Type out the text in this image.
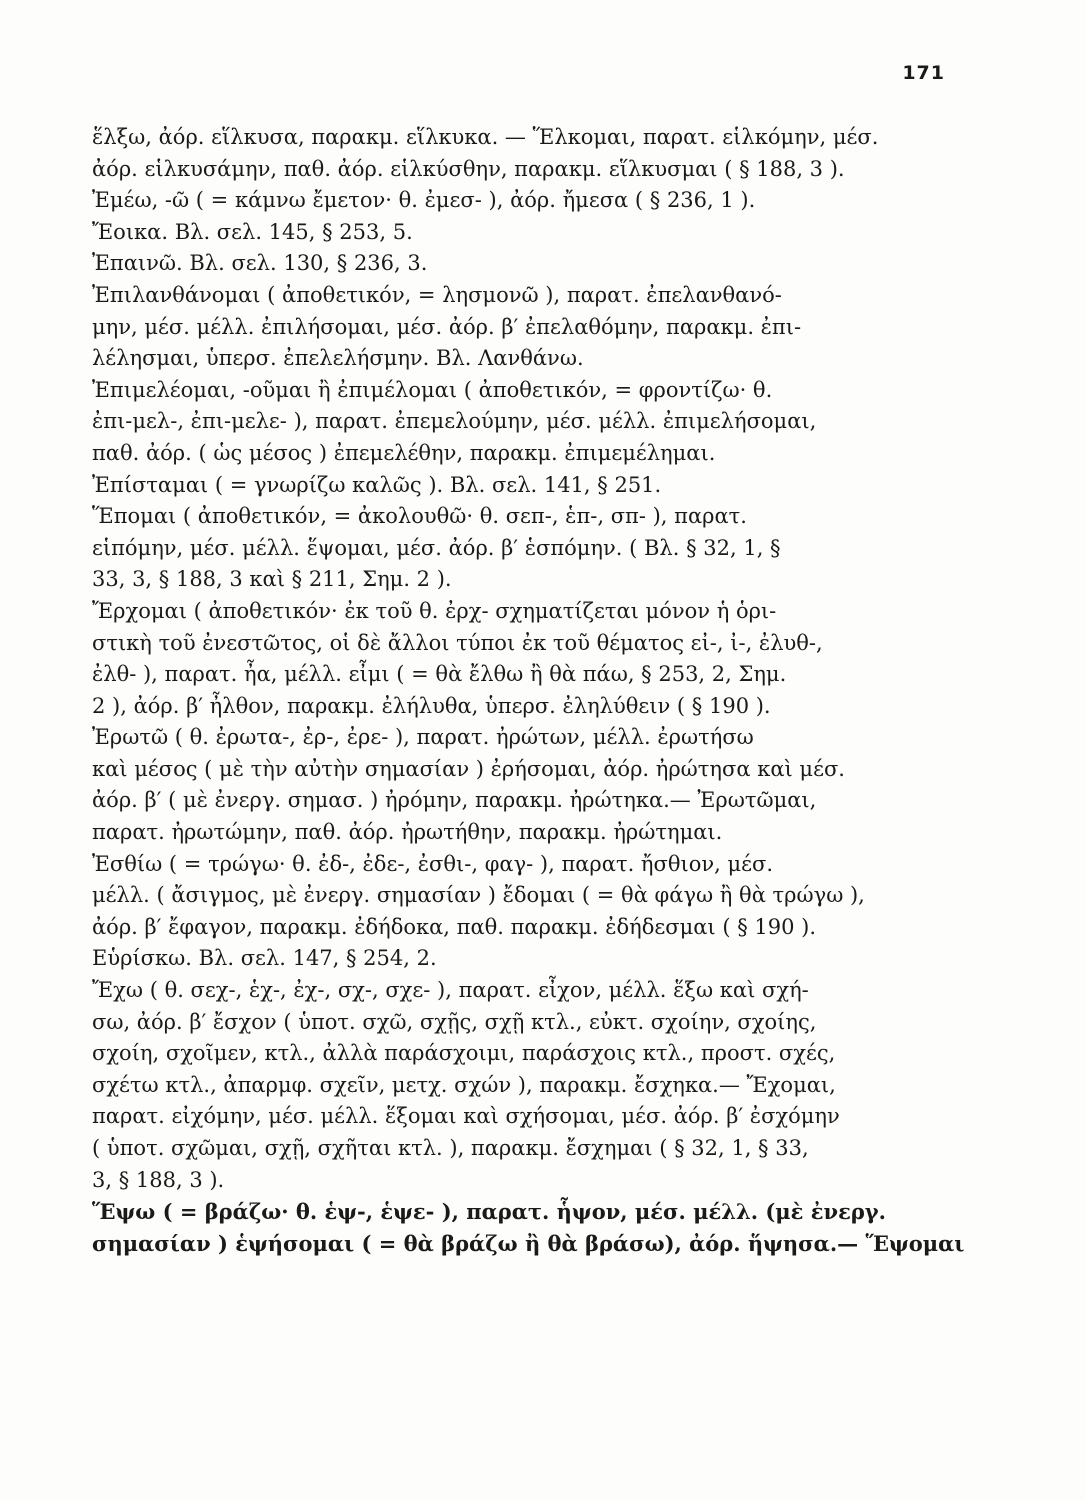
171
ἕλξω, ἀόρ. εἵλκυσα, παρακμ. εἵλκυκα. — Ἕλκομαι, παρατ. εἱλκόμην, μέσ.
ἀόρ. εἱλκυσάμην, παθ. ἀόρ. εἱλκύσθην, παρακμ. εἵλκυσμαι ( § 188, 3 ).
Ἐμέω, -ῶ ( = κάμνω ἔμετον· θ. ἐμεσ- ), ἀόρ. ἤμεσα ( § 236, 1 ).
Ἔοικα. Βλ. σελ. 145, § 253, 5.
Ἐπαινῶ. Βλ. σελ. 130, § 236, 3.
Ἐπιλανθάνομαι ( ἀποθετικόν, = λησμονῶ ), παρατ. ἐπελανθανό-
μην, μέσ. μέλλ. ἐπιλήσομαι, μέσ. ἀόρ. β′ ἐπελαθόμην, παρακμ. ἐπι-
λέλησμαι, ὑπερσ. ἐπελελήσμην. Βλ. Λανθάνω.
Ἐπιμελέομαι, -οῦμαι ἢ ἐπιμέλομαι ( ἀποθετικόν, = φροντίζω· θ.
ἐπι-μελ-, ἐπι-μελε- ), παρατ. ἐπεμελούμην, μέσ. μέλλ. ἐπιμελήσομαι,
παθ. ἀόρ. ( ὡς μέσος ) ἐπεμελέθην, παρακμ. ἐπιμεμέλημαι.
Ἐπίσταμαι ( = γνωρίζω καλῶς ). Βλ. σελ. 141, § 251.
Ἕπομαι ( ἀποθετικόν, = ἀκολουθῶ· θ. σεπ-, ἑπ-, σπ- ), παρατ.
εἱπόμην, μέσ. μέλλ. ἕψομαι, μέσ. ἀόρ. β′ ἑσπόμην. ( Βλ. § 32, 1, §
33, 3, § 188, 3 καὶ § 211, Σημ. 2 ).
Ἔρχομαι ( ἀποθετικόν· ἐκ τοῦ θ. ἐρχ- σχηματίζεται μόνον ἡ ὁρι-
στικὴ τοῦ ἐνεστῶτος, οἱ δὲ ἄλλοι τύποι ἐκ τοῦ θέματος εἰ-, ἰ-, ἐλυθ-,
ἐλθ- ), παρατ. ἦα, μέλλ. εἶμι ( = θὰ ἔλθω ἢ θὰ πάω, § 253, 2, Σημ.
2 ), ἀόρ. β′ ἦλθον, παρακμ. ἐλήλυθα, ὑπερσ. ἐληλύθειν ( § 190 ).
Ἐρωτῶ ( θ. ἐρωτα-, ἐρ-, ἐρε- ), παρατ. ἠρώτων, μέλλ. ἐρωτήσω
καὶ μέσος ( μὲ τὴν αὐτὴν σημασίαν ) ἐρήσομαι, ἀόρ. ἠρώτησα καὶ μέσ.
ἀόρ. β′ ( μὲ ἐνεργ. σημασ. ) ἠρόμην, παρακμ. ἠρώτηκα.— Ἐρωτῶμαι,
παρατ. ἠρωτώμην, παθ. ἀόρ. ἠρωτήθην, παρακμ. ἠρώτημαι.
Ἐσθίω ( = τρώγω· θ. ἐδ-, ἐδε-, ἐσθι-, φαγ- ), παρατ. ἤσθιον, μέσ.
μέλλ. ( ἄσιγμος, μὲ ἐνεργ. σημασίαν ) ἔδομαι ( = θὰ φάγω ἢ θὰ τρώγω ),
ἀόρ. β′ ἔφαγον, παρακμ. ἐδήδοκα, παθ. παρακμ. ἐδήδεσμαι ( § 190 ).
Εὑρίσκω. Βλ. σελ. 147, § 254, 2.
Ἔχω ( θ. σεχ-, ἑχ-, ἐχ-, σχ-, σχε- ), παρατ. εἶχον, μέλλ. ἕξω καὶ σχή-
σω, ἀόρ. β′ ἔσχον ( ὑποτ. σχῶ, σχῇς, σχῇ κτλ., εὐκτ. σχοίην, σχοίης,
σχοίη, σχοῖμεν, κτλ., ἀλλὰ παράσχοιμι, παράσχοις κτλ., προστ. σχές,
σχέτω κτλ., ἀπαρμφ. σχεῖν, μετχ. σχών ), παρακμ. ἔσχηκα.— Ἔχομαι,
παρατ. εἰχόμην, μέσ. μέλλ. ἕξομαι καὶ σχήσομαι, μέσ. ἀόρ. β′ ἐσχόμην
( ὑποτ. σχῶμαι, σχῇ, σχῆται κτλ. ), παρακμ. ἔσχημαι ( § 32, 1, § 33,
3, § 188, 3 ).
Ἕψω ( = βράζω· θ. ἑψ-, ἑψε- ), παρατ. ἧψον, μέσ. μέλλ. (μὲ ἐνεργ.
σημασίαν ) ἑψήσομαι ( = θὰ βράζω ἢ θὰ βράσω), ἀόρ. ἥψησα.— Ἕψομαι
